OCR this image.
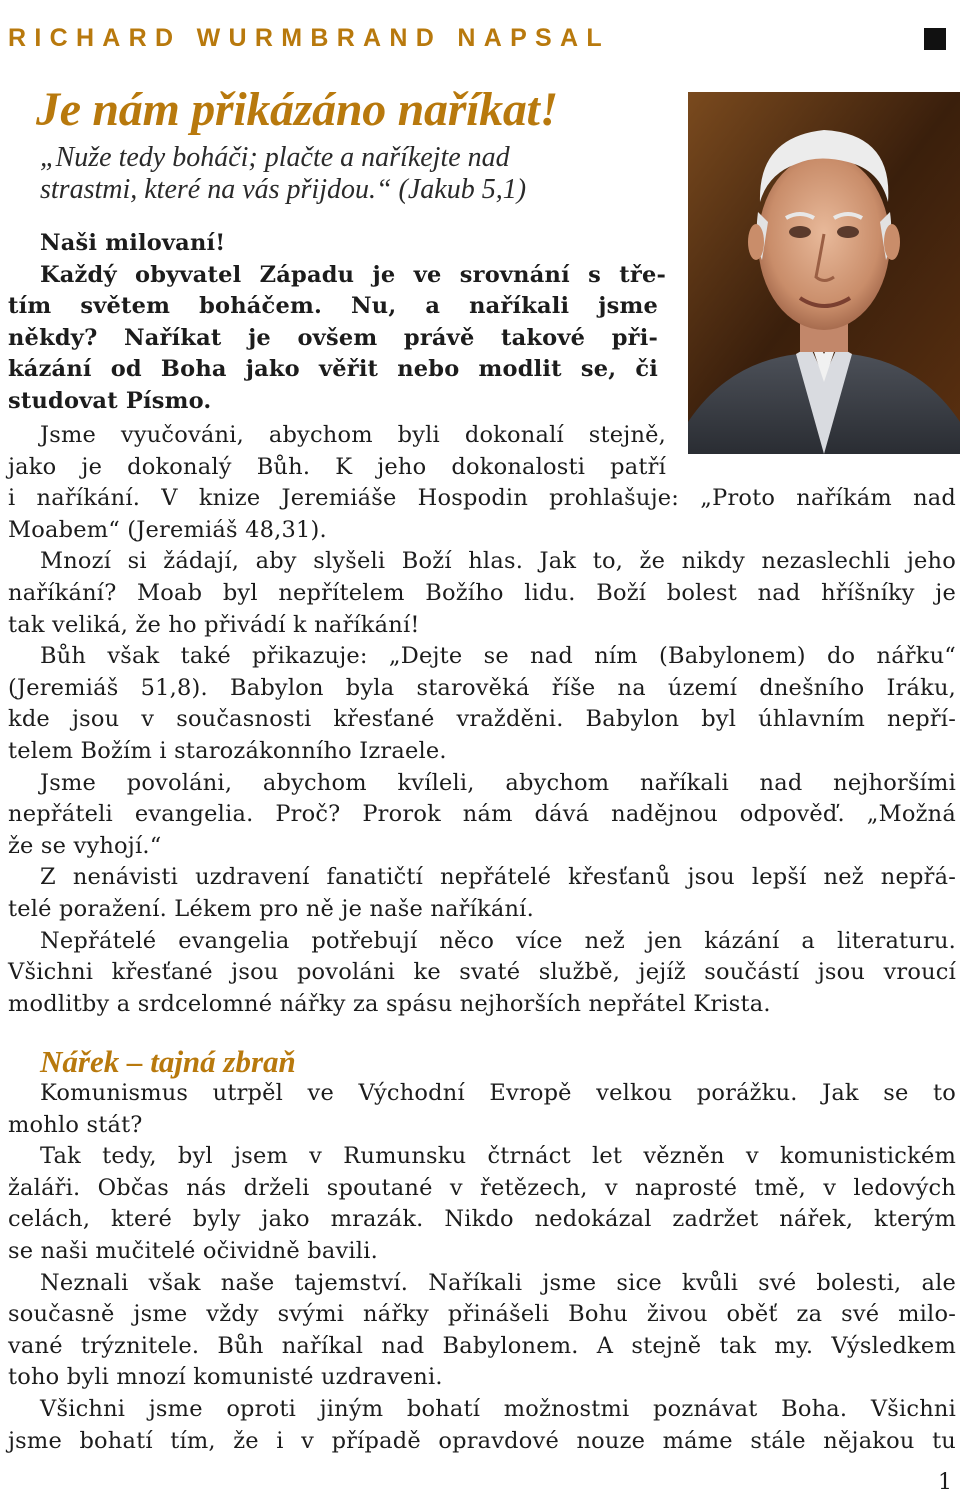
RICHARD WURMBRAND NAPSAL
Je nám přikázáno naříkat!
„Nuže tedy boháči; plačte a naříkejte nad
strastmi, které na vás přijdou.“ (Jakub 5,1)
Naši milovaní!
Každý obyvatel Západu je ve srovnání s tře-
tím světem boháčem. Nu, a naříkali jsme
někdy? Naříkat je ovšem právě takové při-
kázání od Boha jako věřit nebo modlit se, či
studovat Písmo.
Jsme vyučováni, abychom byli dokonalí stejně,
jako je dokonalý Bůh. K jeho dokonalosti patří
i naříkání. V knize Jeremiáše Hospodin prohlašuje: „Proto naříkám nad
Moabem“ (Jeremiáš 48,31).
Mnozí si žádají, aby slyšeli Boží hlas. Jak to, že nikdy nezaslechli jeho
naříkání? Moab byl nepřítelem Božího lidu. Boží bolest nad hříšníky je
tak veliká, že ho přivádí k naříkání!
Bůh však také přikazuje: „Dejte se nad ním (Babylonem) do nářku“
(Jeremiáš 51,8). Babylon byla starověká říše na území dnešního Iráku,
kde jsou v současnosti křesťané vražděni. Babylon byl úhlavním nepří-
telem Božím i starozákonního Izraele.
Jsme povoláni, abychom kvíleli, abychom naříkali nad nejhoršími
nepřáteli evangelia. Proč? Prorok nám dává nadějnou odpověď. „Možná
že se vyhojí.“
Z nenávisti uzdravení fanatičtí nepřátelé křesťanů jsou lepší než nepřá-
telé poražení. Lékem pro ně je naše naříkání.
Nepřátelé evangelia potřebují něco více než jen kázání a literaturu.
Všichni křesťané jsou povoláni ke svaté službě, jejíž součástí jsou vroucí
modlitby a srdcelomné nářky za spásu nejhorších nepřátel Krista.
Nářek – tajná zbraň
Komunismus utrpěl ve Východní Evropě velkou porážku. Jak se to
mohlo stát?
Tak tedy, byl jsem v Rumunsku čtrnáct let vězněn v komunistickém
žaláři. Občas nás drželi spoutané v řetězech, v naprosté tmě, v ledových
celách, které byly jako mrazák. Nikdo nedokázal zadržet nářek, kterým
se naši mučitelé očividně bavili.
Neznali však naše tajemství. Naříkali jsme sice kvůli své bolesti, ale
současně jsme vždy svými nářky přinášeli Bohu živou oběť za své milo-
vané trýznitele. Bůh naříkal nad Babylonem. A stejně tak my. Výsledkem
toho byli mnozí komunisté uzdraveni.
Všichni jsme oproti jiným bohatí možnostmi poznávat Boha. Všichni
jsme bohatí tím, že i v případě opravdové nouze máme stále nějakou tu
1
